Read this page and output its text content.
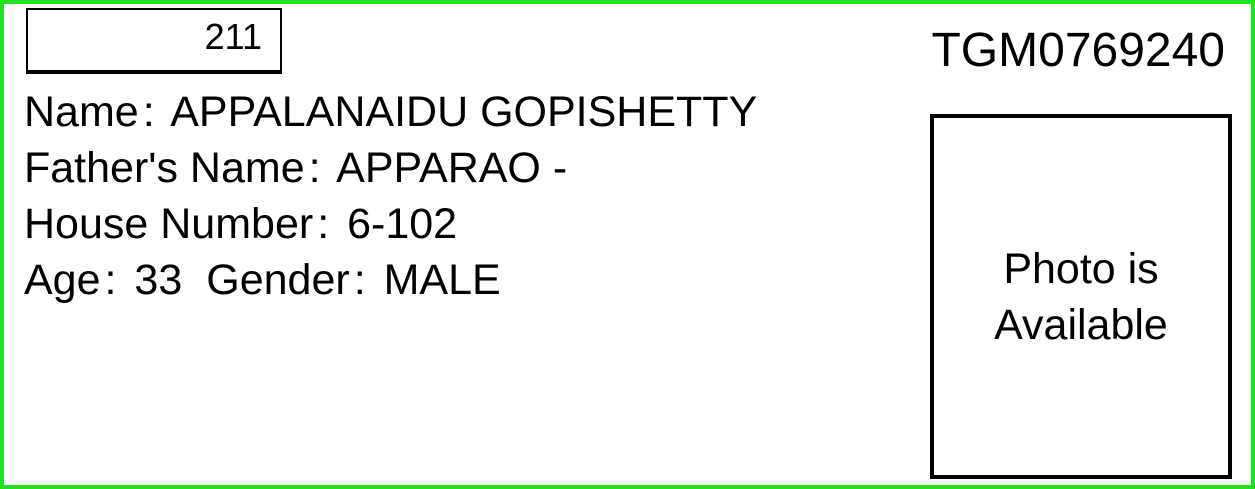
211	TGM0769240
Name: APPALANAIDU GOPISHETTY
Father's Name: APPARAO -
House Number: 6-102
Age: 33 Gender: MALE	Photo is
Available
